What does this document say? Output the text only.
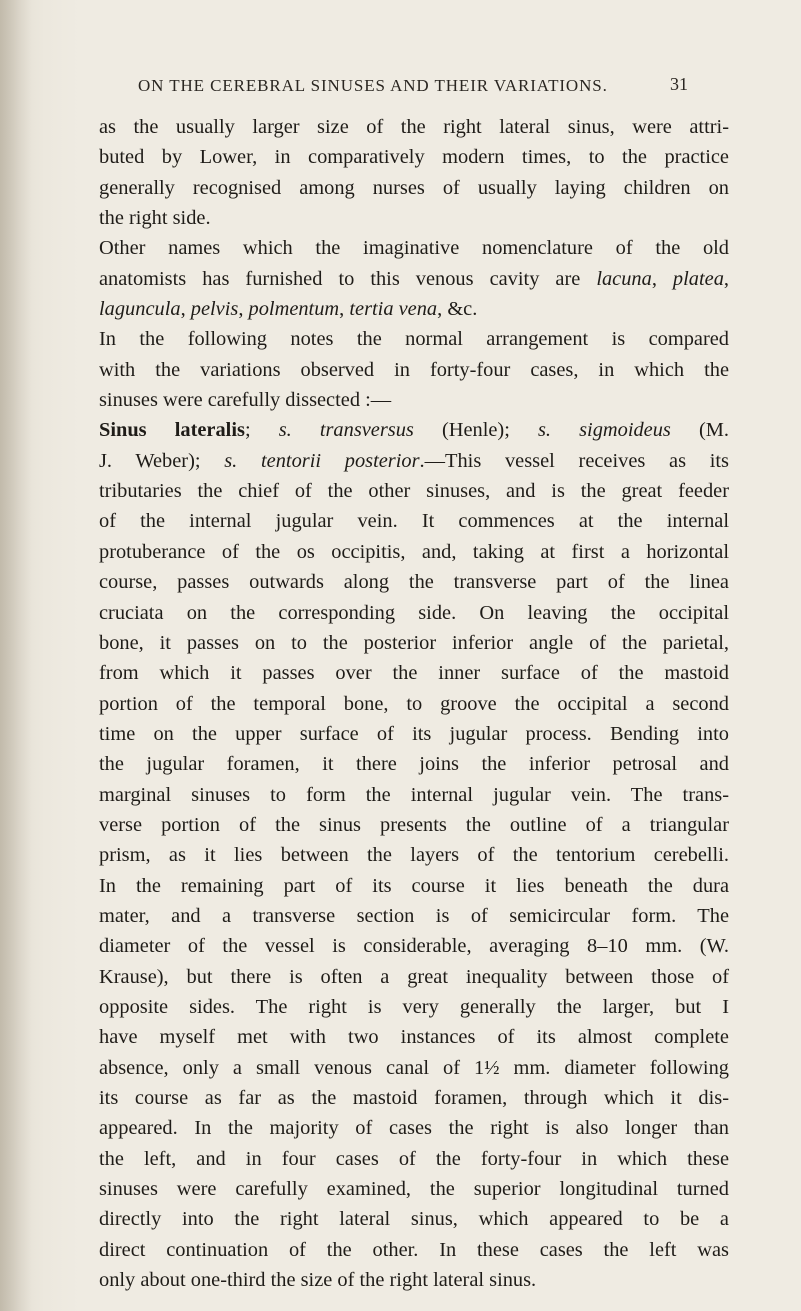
ON THE CEREBRAL SINUSES AND THEIR VARIATIONS.	31

as the usually larger size of the right lateral sinus, were attri-
buted by Lower, in comparatively modern times, to the practice
generally recognised among nurses of usually laying children on
the right side.

Other names which the imaginative nomenclature of the old
anatomists has furnished to this venous cavity are lacuna, platea,
laguncula, pelvis, polmentum, tertia vena, &c.

In the following notes the normal arrangement is compared
with the variations observed in forty-four cases, in which the
sinuses were carefully dissected :—

Sinus lateralis; s. transversus (Henle); s. sigmoideus (M.
J. Weber); s. tentorii posterior.—This vessel receives as its
tributaries the chief of the other sinuses, and is the great feeder
of the internal jugular vein. It commences at the internal
protuberance of the os occipitis, and, taking at first a horizontal
course, passes outwards along the transverse part of the linea
cruciata on the corresponding side. On leaving the occipital
bone, it passes on to the posterior inferior angle of the parietal,
from which it passes over the inner surface of the mastoid
portion of the temporal bone, to groove the occipital a second
time on the upper surface of its jugular process. Bending into
the jugular foramen, it there joins the inferior petrosal and
marginal sinuses to form the internal jugular vein. The trans-
verse portion of the sinus presents the outline of a triangular
prism, as it lies between the layers of the tentorium cerebelli.
In the remaining part of its course it lies beneath the dura
mater, and a transverse section is of semicircular form. The
diameter of the vessel is considerable, averaging 8–10 mm. (W.
Krause), but there is often a great inequality between those of
opposite sides. The right is very generally the larger, but I
have myself met with two instances of its almost complete
absence, only a small venous canal of 1½ mm. diameter following
its course as far as the mastoid foramen, through which it dis-
appeared. In the majority of cases the right is also longer than
the left, and in four cases of the forty-four in which these
sinuses were carefully examined, the superior longitudinal turned
directly into the right lateral sinus, which appeared to be a
direct continuation of the other. In these cases the left was
only about one-third the size of the right lateral sinus.
